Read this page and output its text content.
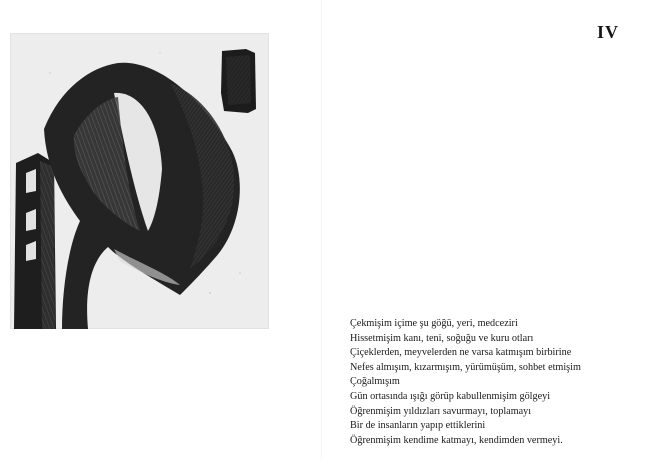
IV
Çekmişim içime şu göğü, yeri, medceziri
Hissetmişim kanı, teni, soğuğu ve kuru otları
Çiçeklerden, meyvelerden ne varsa katmışım birbirine
Nefes almışım, kızarmışım, yürümüşüm, sohbet etmişim
Çoğalmışım
Gün ortasında ışığı görüp kabullenmişim gölgeyi
Öğrenmişim yıldızları savurmayı, toplamayı
Bir de insanların yapıp ettiklerini
Öğrenmişim kendime katmayı, kendimden vermeyi.
